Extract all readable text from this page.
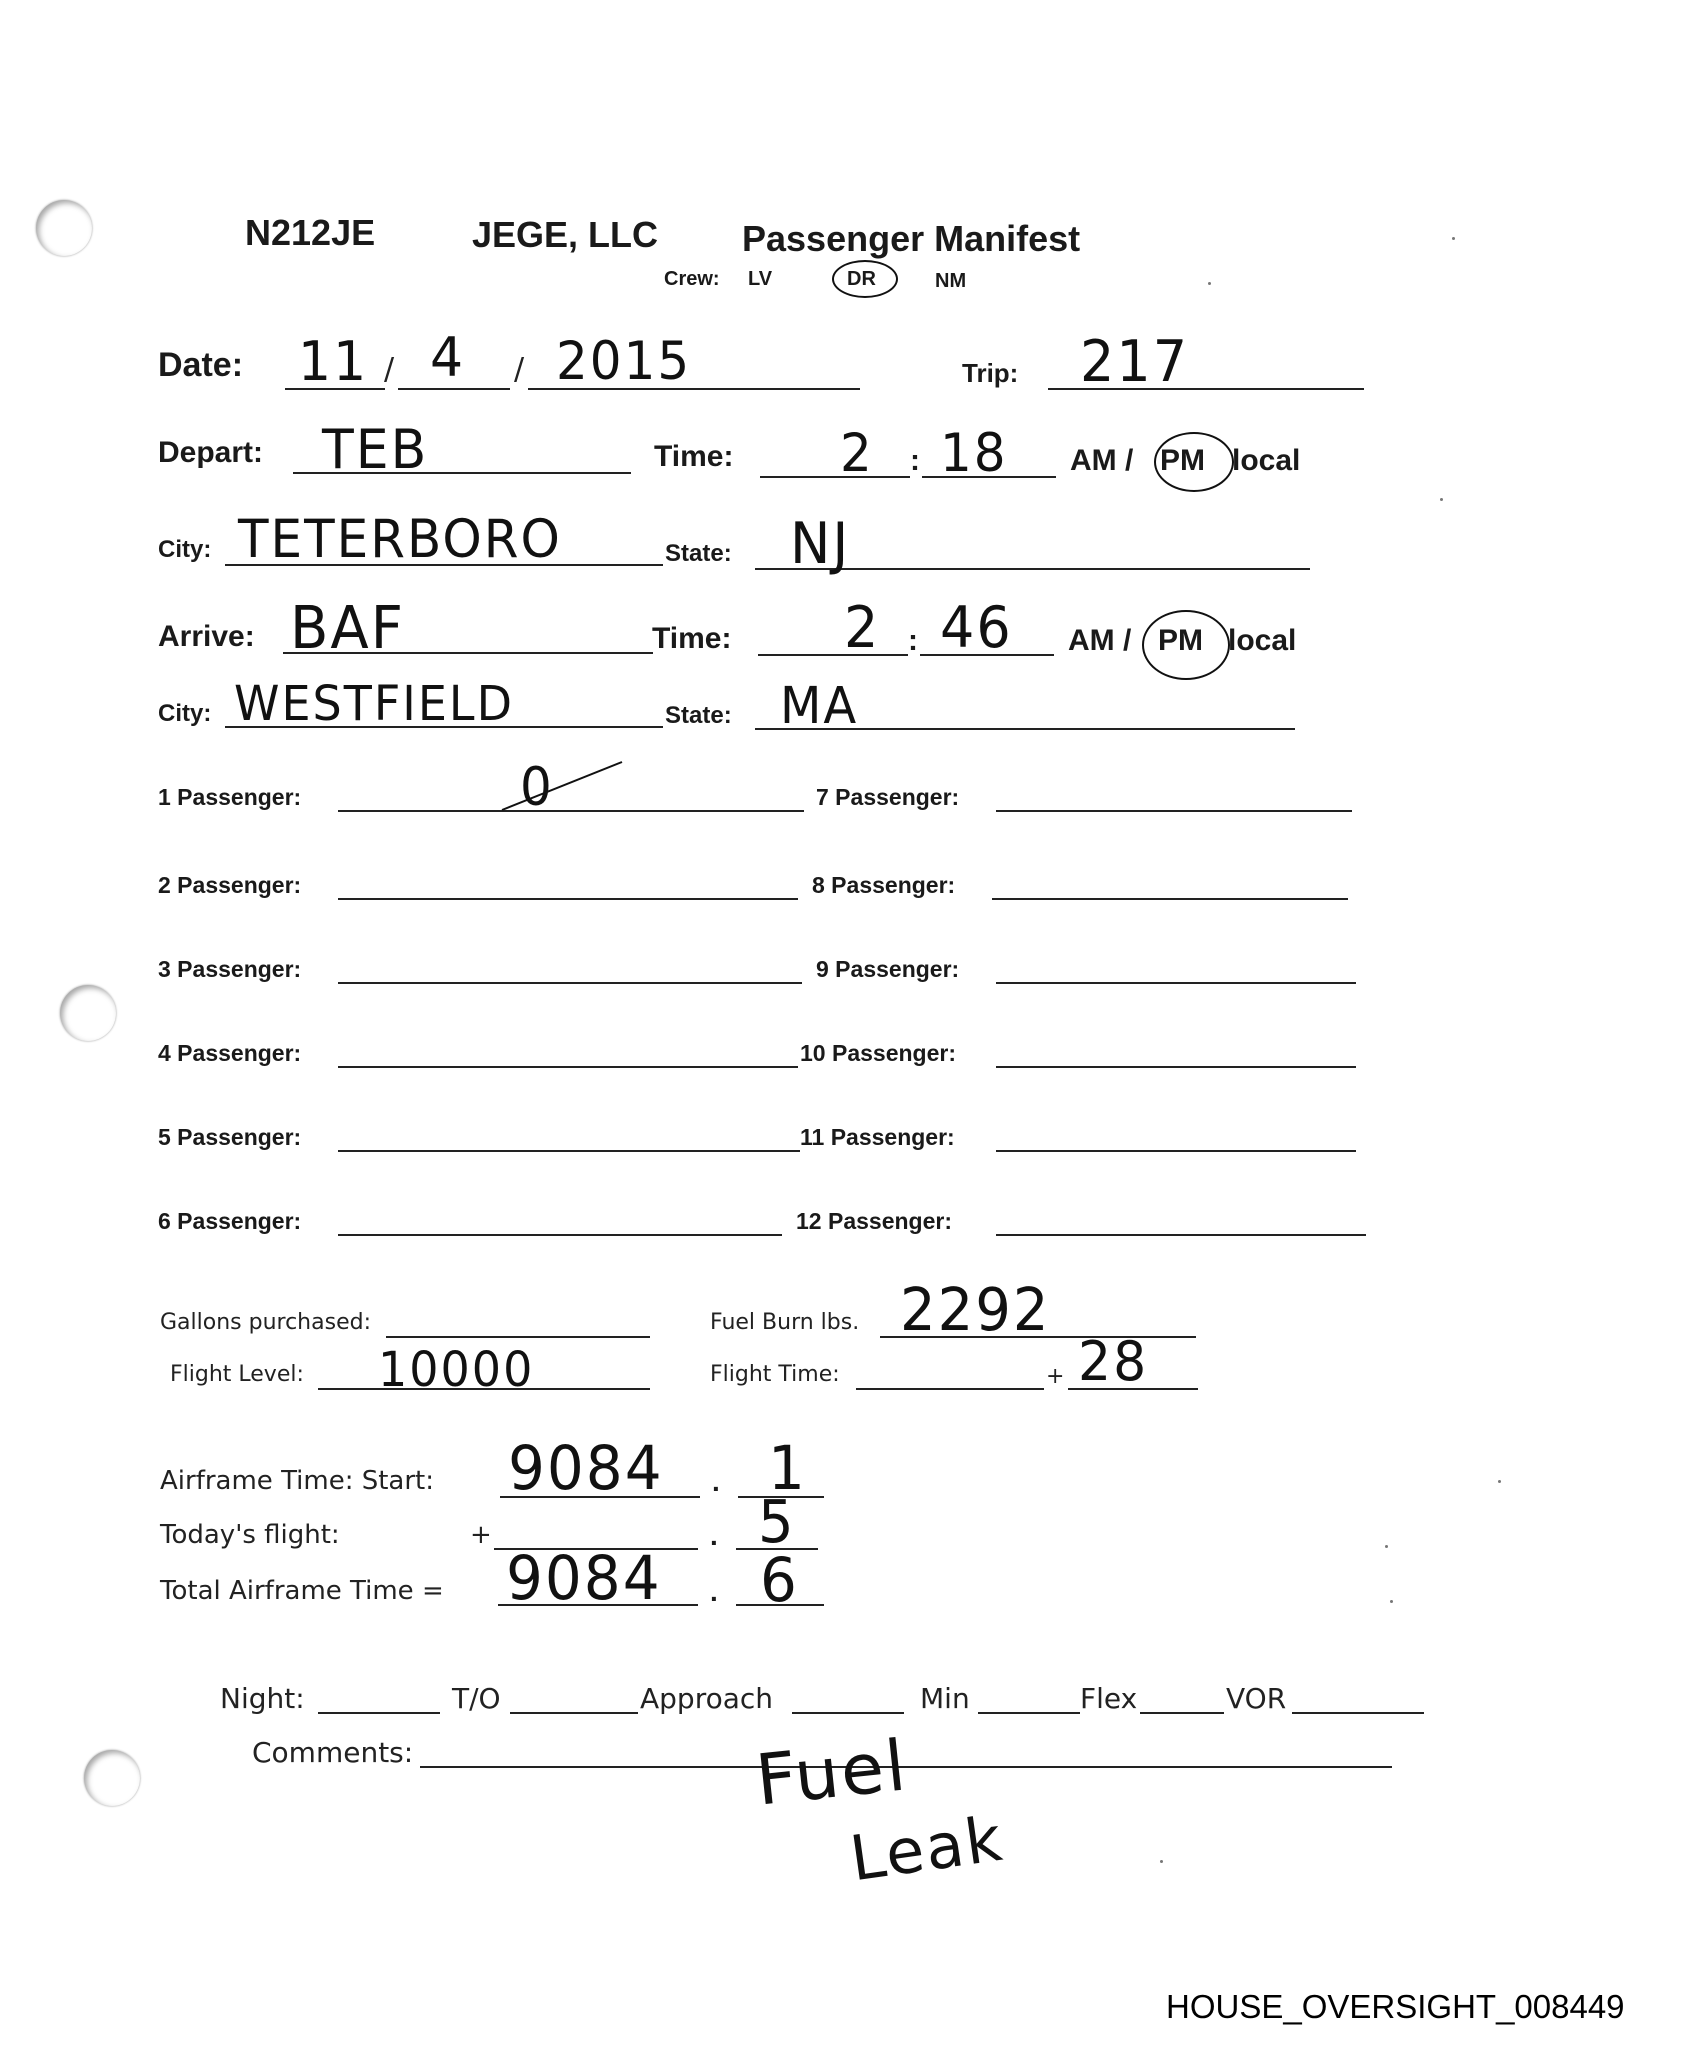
N212JE	JEGE, LLC Passenger Manifest
Crew: LV	DR	NM
Date: 11 / 4 / 2015	Trip: 217
Depart: TEB	Time: 2 : 18 AM / PM local
City: TETERBORO	State: NJ
Arrive: BAF	Time: 2 : 46 AM / PM local
City: WESTFIELD	State: MA
1 Passenger:	0
2 Passenger:
3 Passenger:
4 Passenger:
5 Passenger:
6 Passenger:
7 Passenger:
8 Passenger:
9 Passenger:
10 Passenger:
11 Passenger:
12 Passenger:
Gallons purchased:	Fuel Burn lbs. 2292
Flight Level: 10000	Flight Time:	+ 28
Airframe Time: Start: 9084 . 1
Today's flight:	+	. 5
Total Airframe Time = 9084 . 6
Night:	T/O	Approach	Min	Flex	VOR
Comments:	Fuel
Leak
HOUSE_OVERSIGHT_008449
